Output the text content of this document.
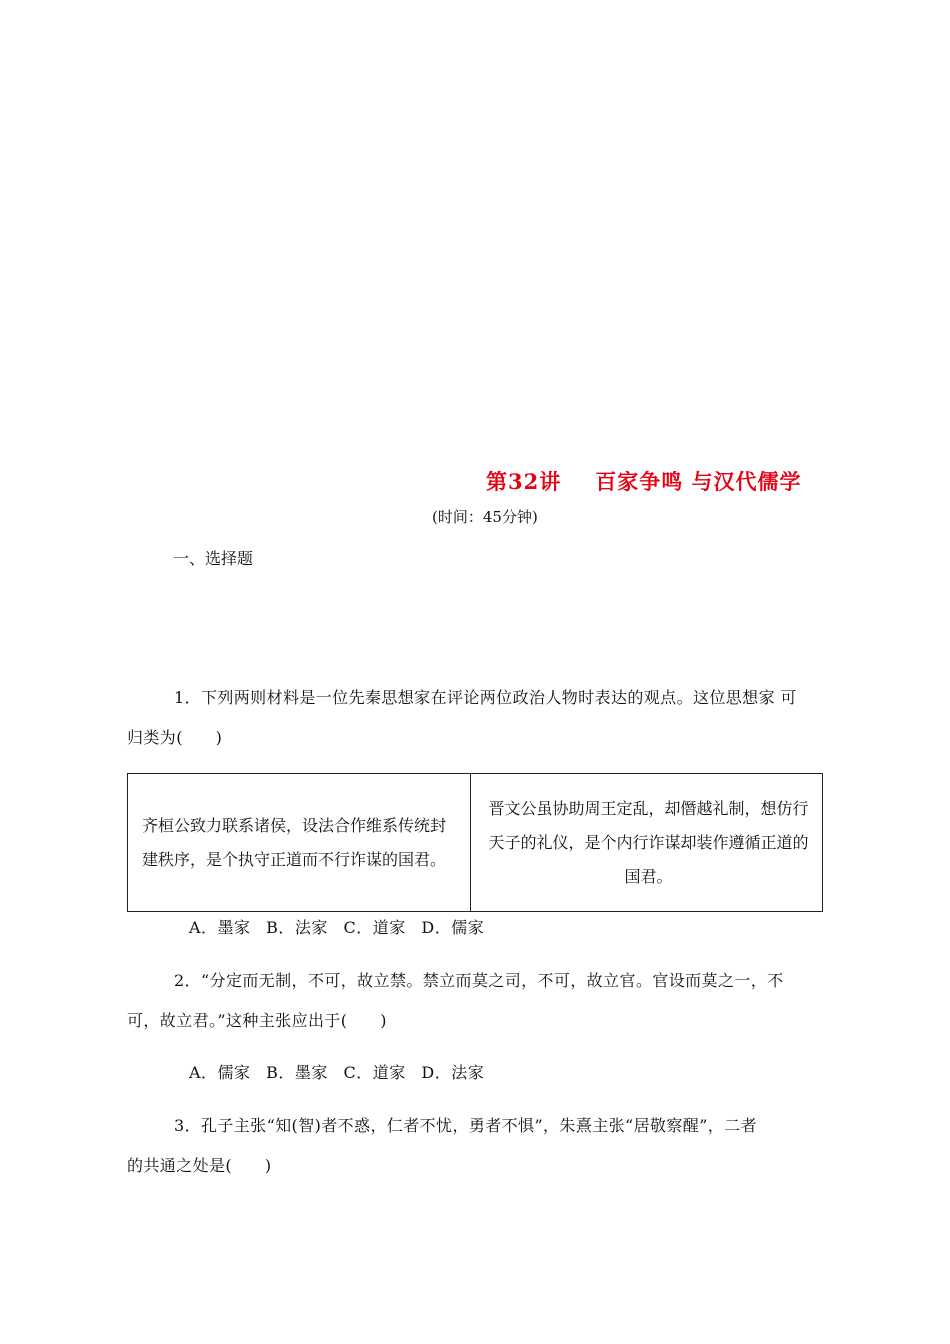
第32讲 百家争鸣 与汉代儒学
(时间：45分钟)
一、选择题
1．下列两则材料是一位先秦思想家在评论两位政治人物时表达的观点。这位思想家 可
归类为(　　)

齐桓公致力联系诸侯，设法合作维系传统封建秩序，是个执守正道而不行诈谋的国君。

晋文公虽协助周王定乱，却僭越礼制，想仿行天子的礼仪，是个内行诈谋却装作遵循正道的国君。

A．墨家 B．法家 C．道家 D．儒家
2．“分定而无制，不可，故立禁。禁立而莫之司，不可，故立官。官设而莫之一，不
可，故立君。”这种主张应出于(　　)
A．儒家 B．墨家 C．道家 D．法家
3．孔子主张“知(智)者不惑，仁者不忧，勇者不惧”，朱熹主张“居敬察醒”，二者
的共通之处是(　　)
